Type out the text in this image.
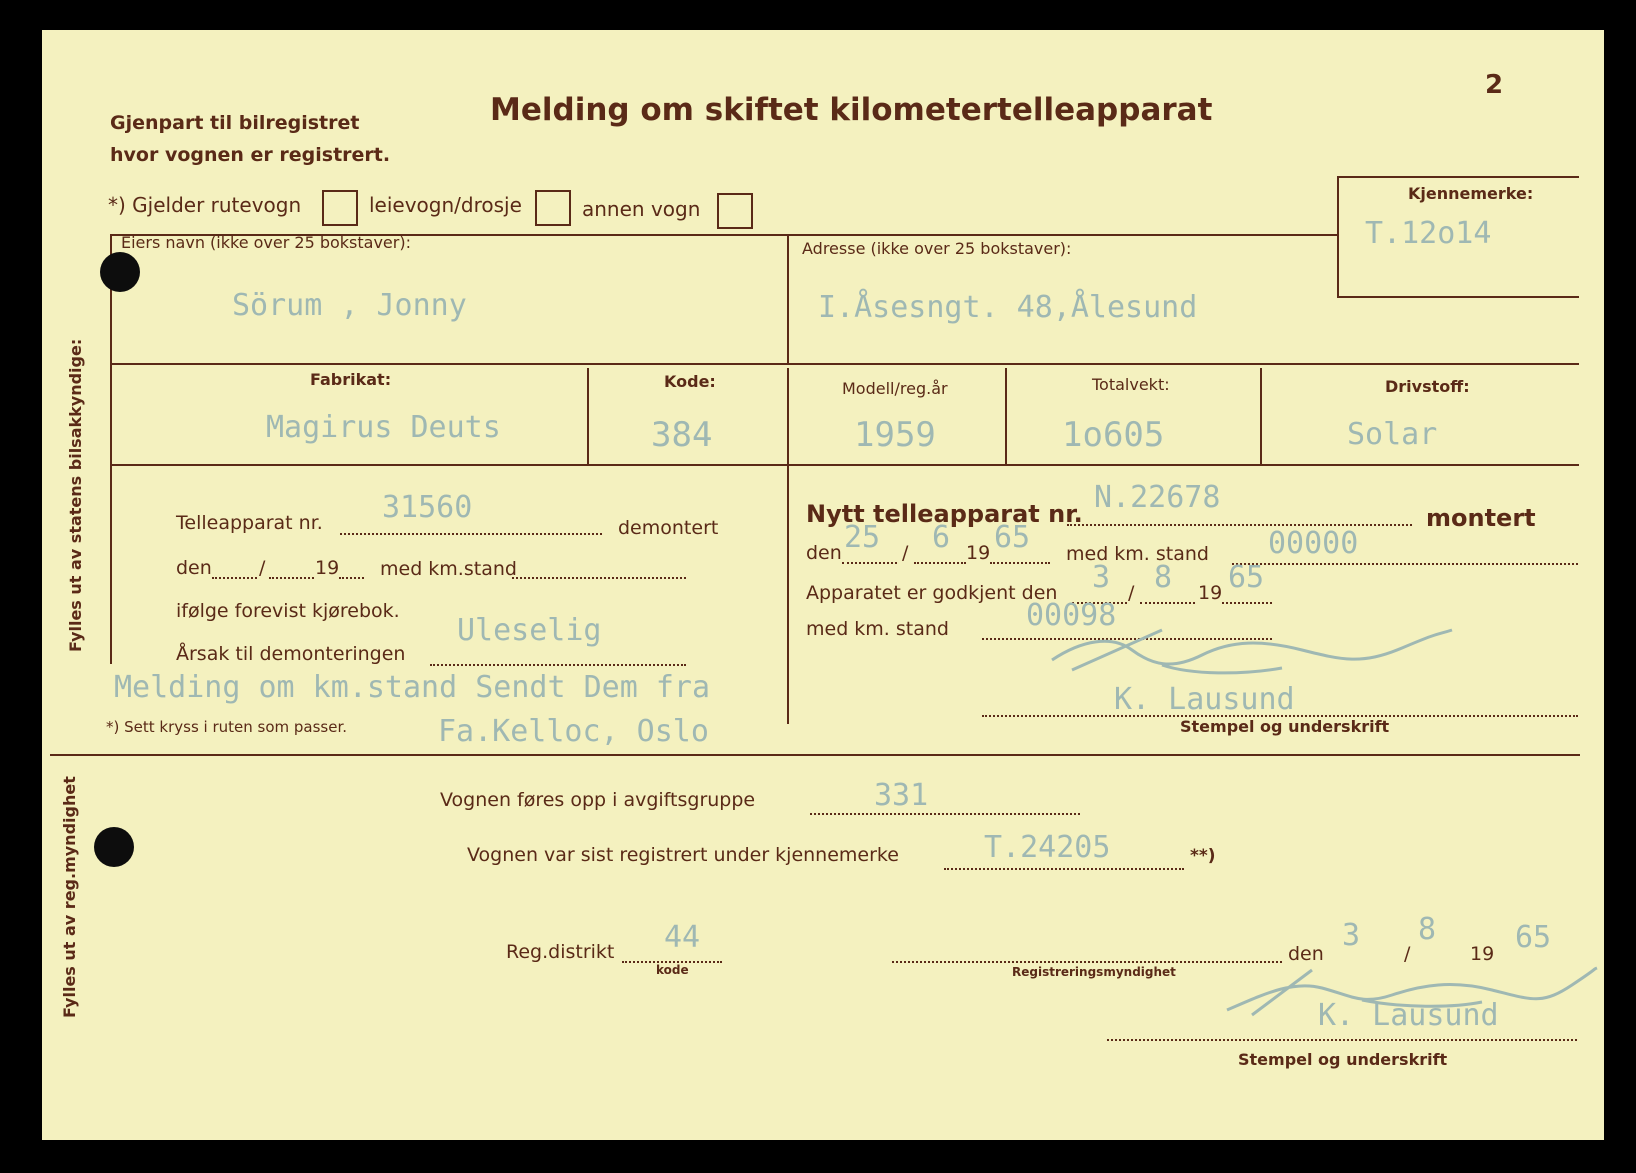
2
Gjenpart til bilregistret
hvor vognen er registrert.
Melding om skiftet kilometertelleapparat
*) Gjelder rutevogn	leievogn/drosje	annen vogn
Kjennemerke:
T.12o14
Eiers navn (ikke over 25 bokstaver):	Adresse (ikke over 25 bokstaver):
Sörum , Jonny	I.Åsesngt. 48,Ålesund
Fabrikat:	Kode:	Modell/reg.år	Totalvekt:	Drivstoff:
Magirus Deuts	384	1959	1o605	Solar
Telleapparat nr. 31560
demontert
den /	19 med km.stand
ifølge forevist kjørebok.
Uleselig
Årsak til demonteringen
Melding om km.stand Sendt Dem fra
Fa.Kelloc, Oslo
*) Sett kryss i ruten som passer.
Nytt telleapparat nr. N.22678
montert
den 25 / 6 19 65 med km. stand 00000
Apparatet er godkjent den 3 / 8 19 65
med km. stand	00098
K. Lausund
Stempel og underskrift
Vognen føres opp i avgiftsgruppe	331
Vognen var sist registrert under kjennemerke	T.24205	**)
Reg.distrikt 44
kode	Registreringsmyndighet
den
3
/
8
19 65
K. Lausund
Stempel og underskrift
Fylles ut av statens bilsakkyndige:
Fylles ut av reg.myndighet
